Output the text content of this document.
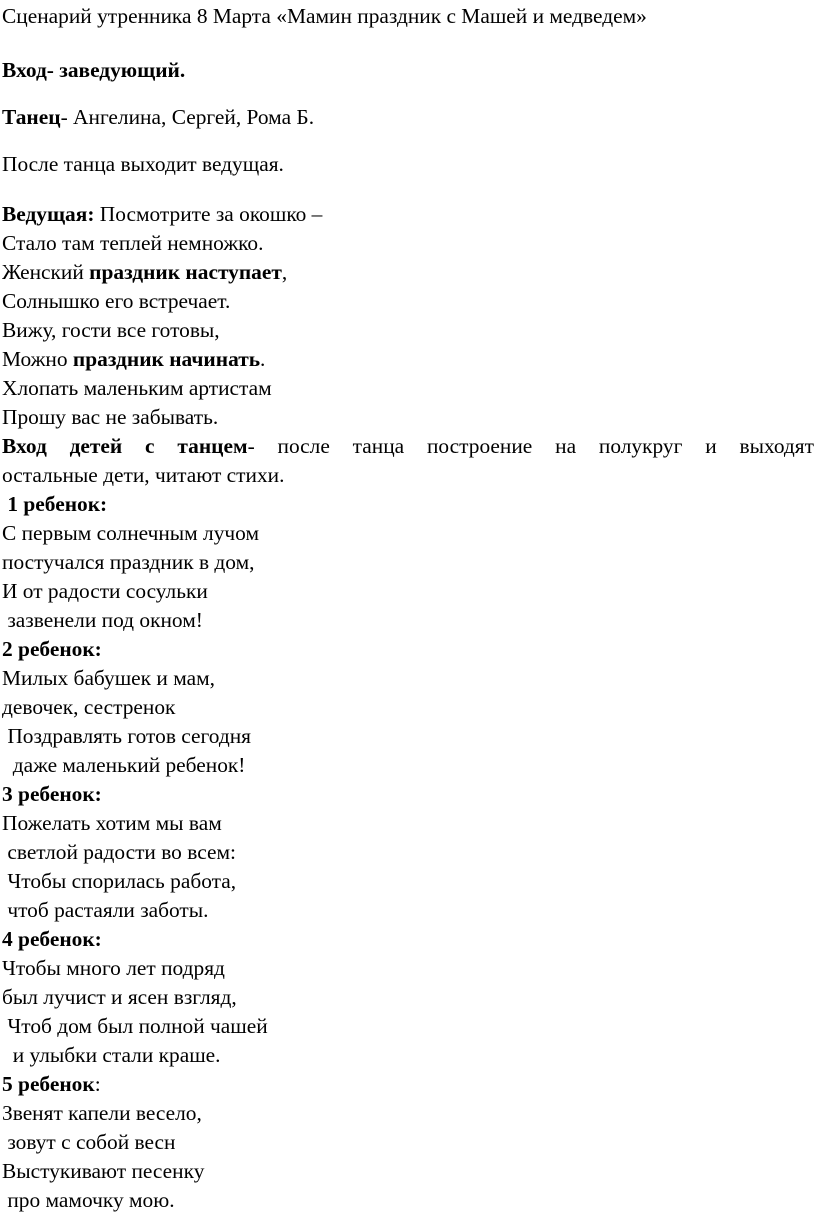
Сценарий утренника 8 Марта «Мамин праздник с Машей и медведем»
Вход- заведующий.
Танец- Ангелина, Сергей, Рома Б.
После танца выходит ведущая.
Ведущая: Посмотрите за окошко –
Стало там теплей немножко.
Женский праздник наступает,
Солнышко его встречает.
Вижу, гости все готовы,
Можно праздник начинать.
Хлопать маленьким артистам
Прошу вас не забывать.
Вход детей с танцем- после танца построение на полукруг и выходят
остальные дети, читают стихи.
1 ребенок:
С первым солнечным лучом
постучался праздник в дом,
И от радости сосульки
зазвенели под окном!
2 ребенок:
Милых бабушек и мам,
девочек, сестренок
Поздравлять готов сегодня
даже маленький ребенок!
3 ребенок:
Пожелать хотим мы вам
светлой радости во всем:
Чтобы спорилась работа,
чтоб растаяли заботы.
4 ребенок:
Чтобы много лет подряд
был лучист и ясен взгляд,
Чтоб дом был полной чашей
и улыбки стали краше.
5 ребенок:
Звенят капели весело,
зовут с собой весн
Выстукивают песенку
про мамочку мою.
